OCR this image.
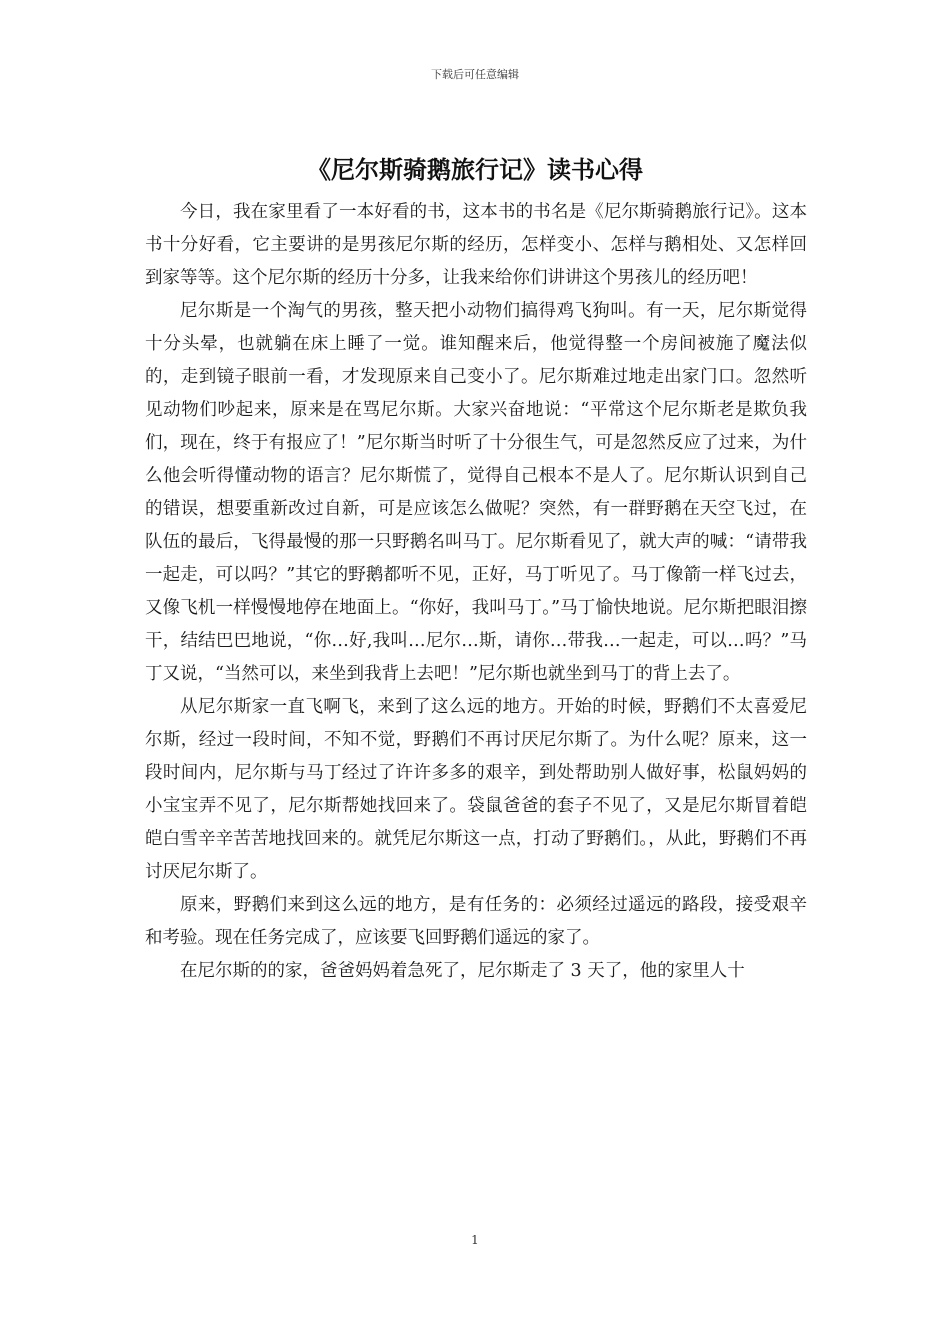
下载后可任意编辑
《尼尔斯骑鹅旅行记》读书心得

今日，我在家里看了一本好看的书，这本书的书名是《尼尔斯骑鹅旅行记》。这本书十分好看，它主要讲的是男孩尼尔斯的经历，怎样变小、怎样与鹅相处、又怎样回到家等等。这个尼尔斯的经历十分多，让我来给你们讲讲这个男孩儿的经历吧！

尼尔斯是一个淘气的男孩，整天把小动物们搞得鸡飞狗叫。有一天，尼尔斯觉得十分头晕，也就躺在床上睡了一觉。谁知醒来后，他觉得整一个房间被施了魔法似的，走到镜子眼前一看，才发现原来自己变小了。尼尔斯难过地走出家门口。忽然听见动物们吵起来，原来是在骂尼尔斯。大家兴奋地说：“平常这个尼尔斯老是欺负我们，现在，终于有报应了！”尼尔斯当时听了十分很生气，可是忽然反应了过来，为什么他会听得懂动物的语言？尼尔斯慌了，觉得自己根本不是人了。尼尔斯认识到自己的错误，想要重新改过自新，可是应该怎么做呢？突然，有一群野鹅在天空飞过，在队伍的最后，飞得最慢的那一只野鹅名叫马丁。尼尔斯看见了，就大声的喊：“请带我一起走，可以吗？”其它的野鹅都听不见，正好，马丁听见了。马丁像箭一样飞过去，又像飞机一样慢慢地停在地面上。“你好，我叫马丁。”马丁愉快地说。尼尔斯把眼泪擦干，结结巴巴地说，“你…好,我叫…尼尔…斯，请你…带我…一起走，可以…吗？”马丁又说，“当然可以，来坐到我背上去吧！”尼尔斯也就坐到马丁的背上去了。

从尼尔斯家一直飞啊飞，来到了这么远的地方。开始的时候，野鹅们不太喜爱尼尔斯，经过一段时间，不知不觉，野鹅们不再讨厌尼尔斯了。为什么呢？原来，这一段时间内，尼尔斯与马丁经过了许许多多的艰辛，到处帮助别人做好事，松鼠妈妈的小宝宝弄不见了，尼尔斯帮她找回来了。袋鼠爸爸的套子不见了，又是尼尔斯冒着皑皑白雪辛辛苦苦地找回来的。就凭尼尔斯这一点，打动了野鹅们。，从此，野鹅们不再讨厌尼尔斯了。

原来，野鹅们来到这么远的地方，是有任务的：必须经过遥远的路段，接受艰辛和考验。现在任务完成了，应该要飞回野鹅们遥远的家了。

在尼尔斯的的家，爸爸妈妈着急死了，尼尔斯走了 3 天了，他的家里人十

1
